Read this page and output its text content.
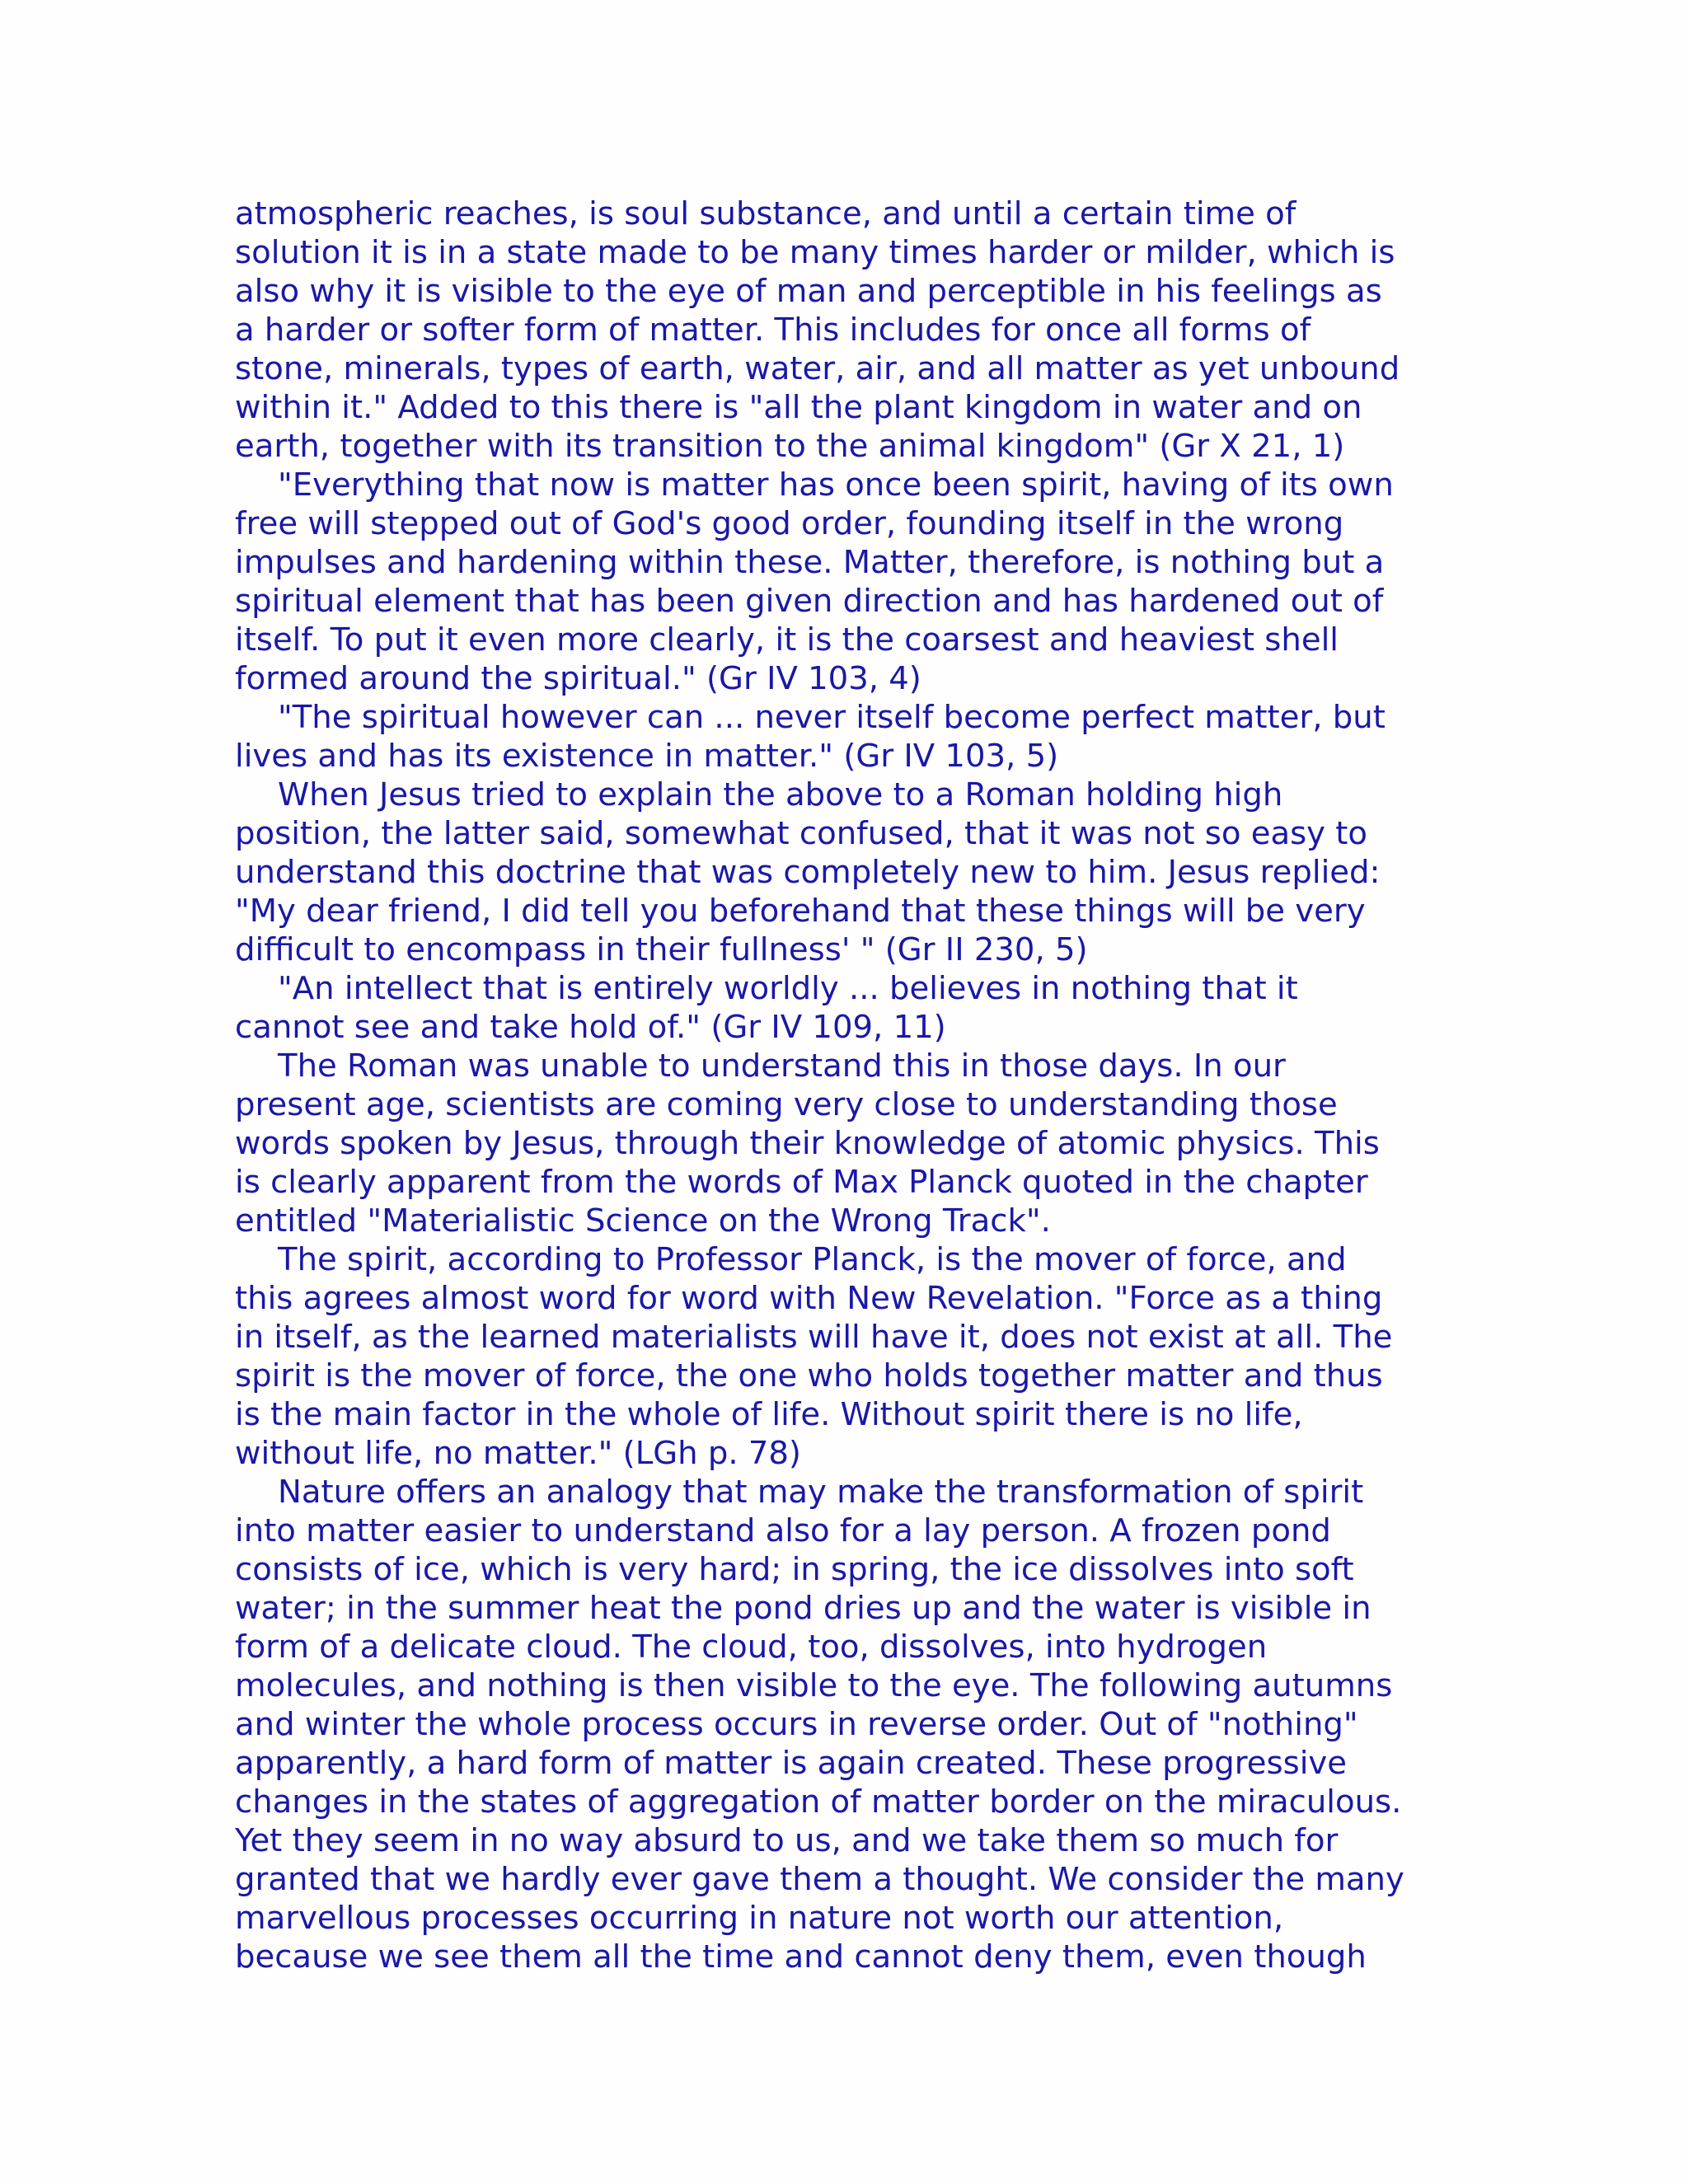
atmospheric reaches, is soul substance, and until a certain time of
solution it is in a state made to be many times harder or milder, which is
also why it is visible to the eye of man and perceptible in his feelings as
a harder or softer form of matter. This includes for once all forms of
stone, minerals, types of earth, water, air, and all matter as yet unbound
within it." Added to this there is "all the plant kingdom in water and on
earth, together with its transition to the animal kingdom" (Gr X 21, 1)
"Everything that now is matter has once been spirit, having of its own
free will stepped out of God's good order, founding itself in the wrong
impulses and hardening within these. Matter, therefore, is nothing but a
spiritual element that has been given direction and has hardened out of
itself. To put it even more clearly, it is the coarsest and heaviest shell
formed around the spiritual." (Gr IV 103, 4)
"The spiritual however can ... never itself become perfect matter, but
lives and has its existence in matter." (Gr IV 103, 5)
When Jesus tried to explain the above to a Roman holding high
position, the latter said, somewhat confused, that it was not so easy to
understand this doctrine that was completely new to him. Jesus replied:
"My dear friend, I did tell you beforehand that these things will be very
difficult to encompass in their fullness' " (Gr II 230, 5)
"An intellect that is entirely worldly ... believes in nothing that it
cannot see and take hold of." (Gr IV 109, 11)
The Roman was unable to understand this in those days. In our
present age, scientists are coming very close to understanding those
words spoken by Jesus, through their knowledge of atomic physics. This
is clearly apparent from the words of Max Planck quoted in the chapter
entitled "Materialistic Science on the Wrong Track".
The spirit, according to Professor Planck, is the mover of force, and
this agrees almost word for word with New Revelation. "Force as a thing
in itself, as the learned materialists will have it, does not exist at all. The
spirit is the mover of force, the one who holds together matter and thus
is the main factor in the whole of life. Without spirit there is no life,
without life, no matter." (LGh p. 78)
Nature offers an analogy that may make the transformation of spirit
into matter easier to understand also for a lay person. A frozen pond
consists of ice, which is very hard; in spring, the ice dissolves into soft
water; in the summer heat the pond dries up and the water is visible in
form of a delicate cloud. The cloud, too, dissolves, into hydrogen
molecules, and nothing is then visible to the eye. The following autumns
and winter the whole process occurs in reverse order. Out of "nothing"
apparently, a hard form of matter is again created. These progressive
changes in the states of aggregation of matter border on the miraculous.
Yet they seem in no way absurd to us, and we take them so much for
granted that we hardly ever gave them a thought. We consider the many
marvellous processes occurring in nature not worth our attention,
because we see them all the time and cannot deny them, even though
